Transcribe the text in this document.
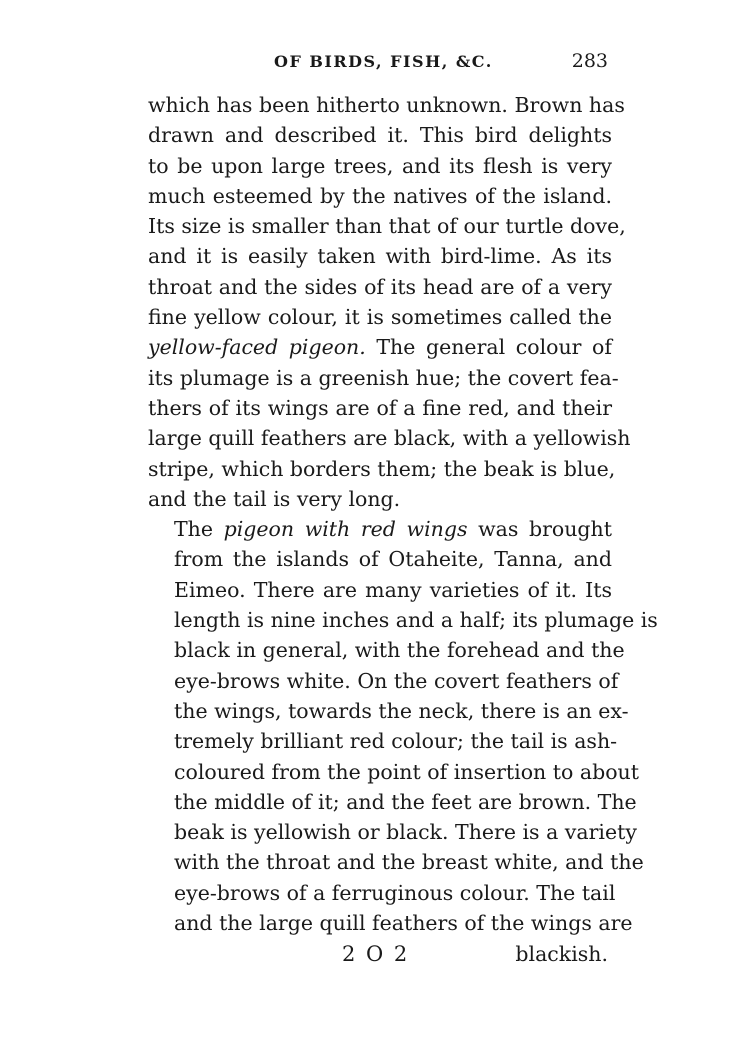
OF BIRDS, FISH, &C.	283

which has been hitherto unknown. Brown has
drawn and described it. This bird delights
to be upon large trees, and its flesh is very
much esteemed by the natives of the island.
Its size is smaller than that of our turtle dove,
and it is easily taken with bird-lime. As its
throat and the sides of its head are of a very
fine yellow colour, it is sometimes called the
yellow-faced pigeon. The general colour of
its plumage is a greenish hue; the covert fea-
thers of its wings are of a fine red, and their
large quill feathers are black, with a yellowish
stripe, which borders them; the beak is blue,
and the tail is very long.

The pigeon with red wings was brought
from the islands of Otaheite, Tanna, and
Eimeo. There are many varieties of it. Its
length is nine inches and a half; its plumage is
black in general, with the forehead and the
eye-brows white. On the covert feathers of
the wings, towards the neck, there is an ex-
tremely brilliant red colour; the tail is ash-
coloured from the point of insertion to about
the middle of it; and the feet are brown. The
beak is yellowish or black. There is a variety
with the throat and the breast white, and the
eye-brows of a ferruginous colour. The tail
and the large quill feathers of the wings are

2 O 2	blackish.
